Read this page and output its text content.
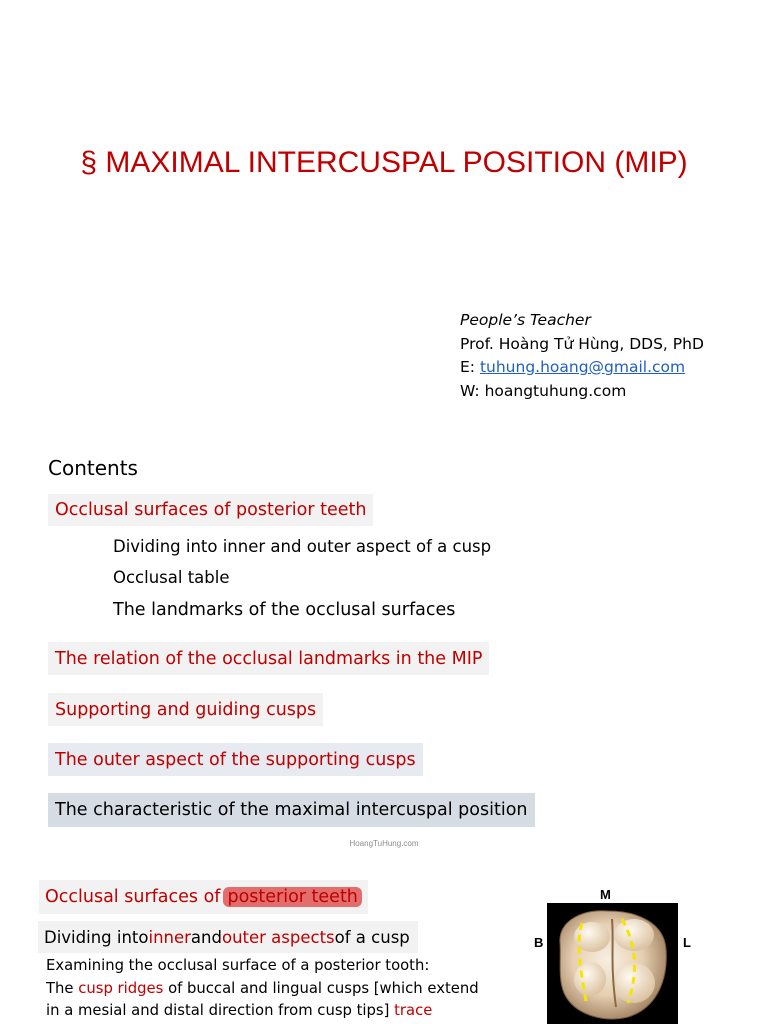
§ MAXIMAL INTERCUSPAL POSITION (MIP)
People’s Teacher
Prof. Hoàng Tử Hùng, DDS, PhD
E: tuhung.hoang@gmail.com
W: hoangtuhung.com
Contents
Occlusal surfaces of posterior teeth
Dividing into inner and outer aspect of a cusp
Occlusal table
The landmarks of the occlusal surfaces
The relation of the occlusal landmarks in the MIP
Supporting and guiding cusps
The outer aspect of the supporting cusps
The characteristic of the maximal intercuspal position
HoangTuHung.com
Occlusal surfaces of posterior teeth
Dividing into inner and outer aspects of a cusp
Examining the occlusal surface of a posterior tooth:
The cusp ridges of buccal and lingual cusps [which extend
in a mesial and distal direction from cusp tips] trace
M
B	L
